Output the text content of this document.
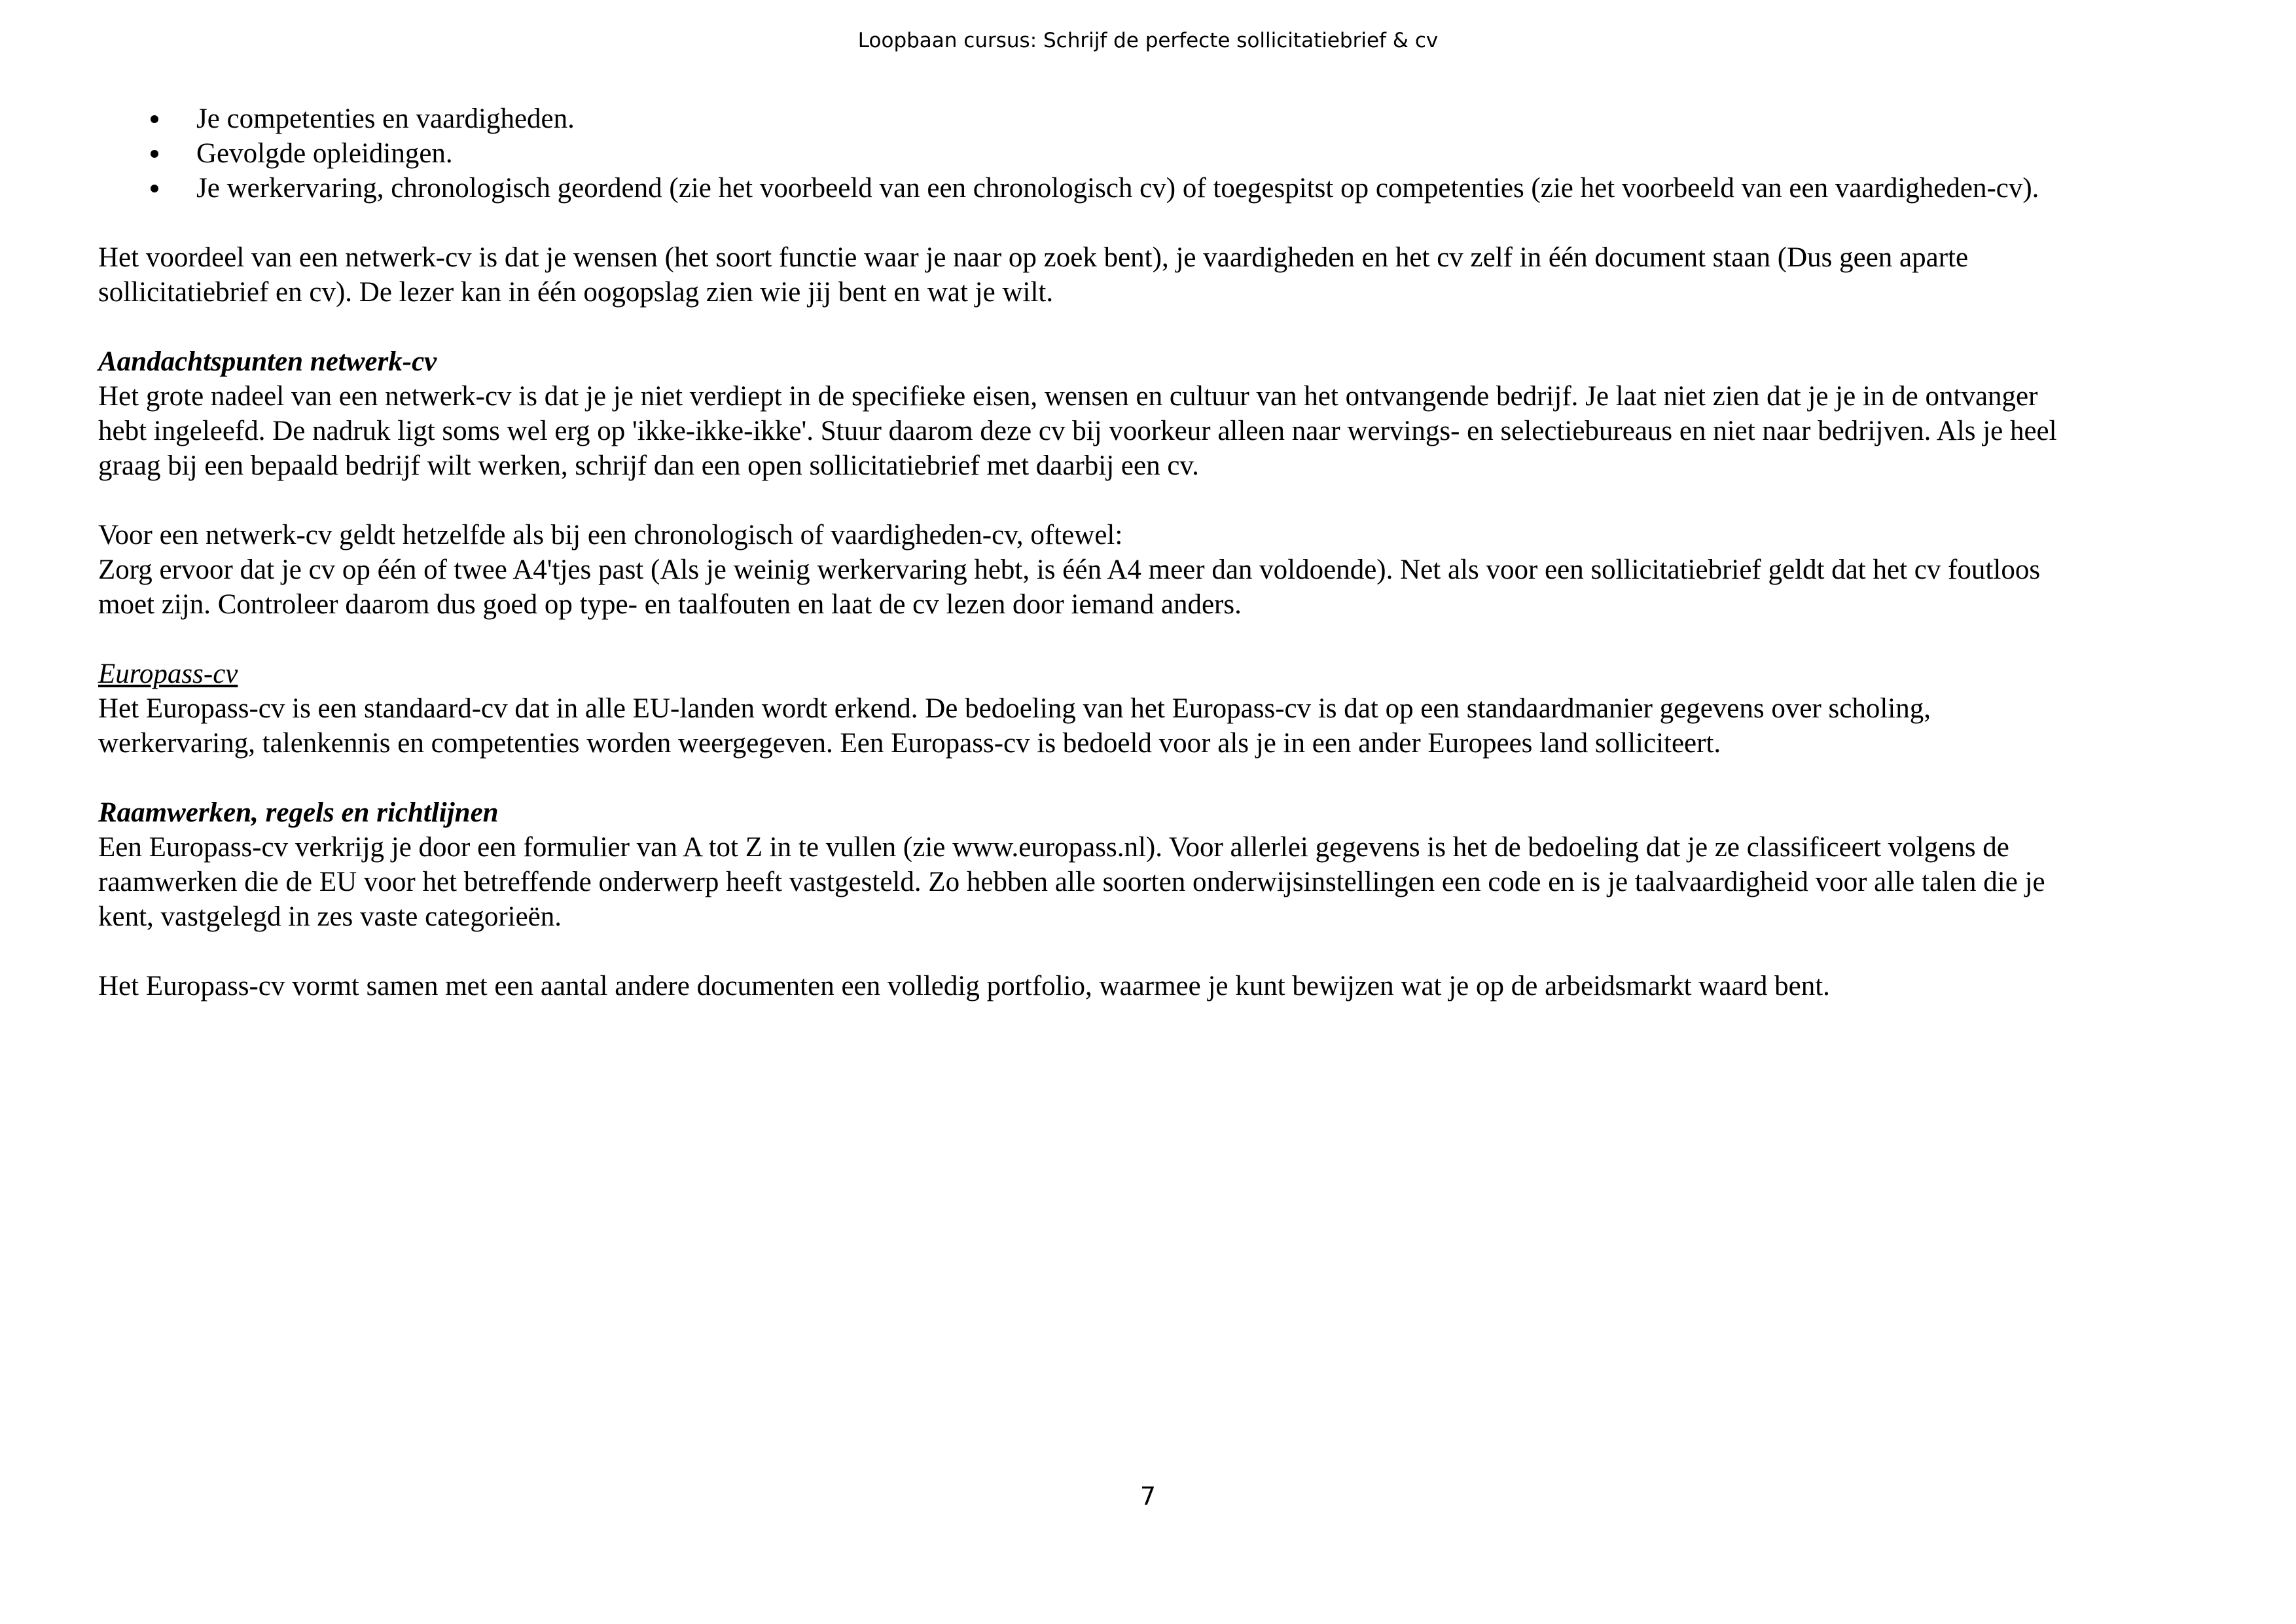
Loopbaan cursus: Schrijf de perfecte sollicitatiebrief & cv
Je competenties en vaardigheden.
Gevolgde opleidingen.
Je werkervaring, chronologisch geordend (zie het voorbeeld van een chronologisch cv) of toegespitst op competenties (zie het voorbeeld van een vaardigheden-cv).

Het voordeel van een netwerk-cv is dat je wensen (het soort functie waar je naar op zoek bent), je vaardigheden en het cv zelf in één document staan (Dus geen aparte
sollicitatiebrief en cv). De lezer kan in één oogopslag zien wie jij bent en wat je wilt.

Aandachtspunten netwerk-cv

Het grote nadeel van een netwerk-cv is dat je je niet verdiept in de specifieke eisen, wensen en cultuur van het ontvangende bedrijf. Je laat niet zien dat je je in de ontvanger
hebt ingeleefd. De nadruk ligt soms wel erg op 'ikke-ikke-ikke'. Stuur daarom deze cv bij voorkeur alleen naar wervings- en selectiebureaus en niet naar bedrijven. Als je heel
graag bij een bepaald bedrijf wilt werken, schrijf dan een open sollicitatiebrief met daarbij een cv.

Voor een netwerk-cv geldt hetzelfde als bij een chronologisch of vaardigheden-cv, oftewel:
Zorg ervoor dat je cv op één of twee A4'tjes past (Als je weinig werkervaring hebt, is één A4 meer dan voldoende). Net als voor een sollicitatiebrief geldt dat het cv foutloos
moet zijn. Controleer daarom dus goed op type- en taalfouten en laat de cv lezen door iemand anders.

Europass-cv

Het Europass-cv is een standaard-cv dat in alle EU-landen wordt erkend. De bedoeling van het Europass-cv is dat op een standaardmanier gegevens over scholing,
werkervaring, talenkennis en competenties worden weergegeven. Een Europass-cv is bedoeld voor als je in een ander Europees land solliciteert.

Raamwerken, regels en richtlijnen

Een Europass-cv verkrijg je door een formulier van A tot Z in te vullen (zie www.europass.nl). Voor allerlei gegevens is het de bedoeling dat je ze classificeert volgens de
raamwerken die de EU voor het betreffende onderwerp heeft vastgesteld. Zo hebben alle soorten onderwijsinstellingen een code en is je taalvaardigheid voor alle talen die je
kent, vastgelegd in zes vaste categorieën.

Het Europass-cv vormt samen met een aantal andere documenten een volledig portfolio, waarmee je kunt bewijzen wat je op de arbeidsmarkt waard bent.

7
